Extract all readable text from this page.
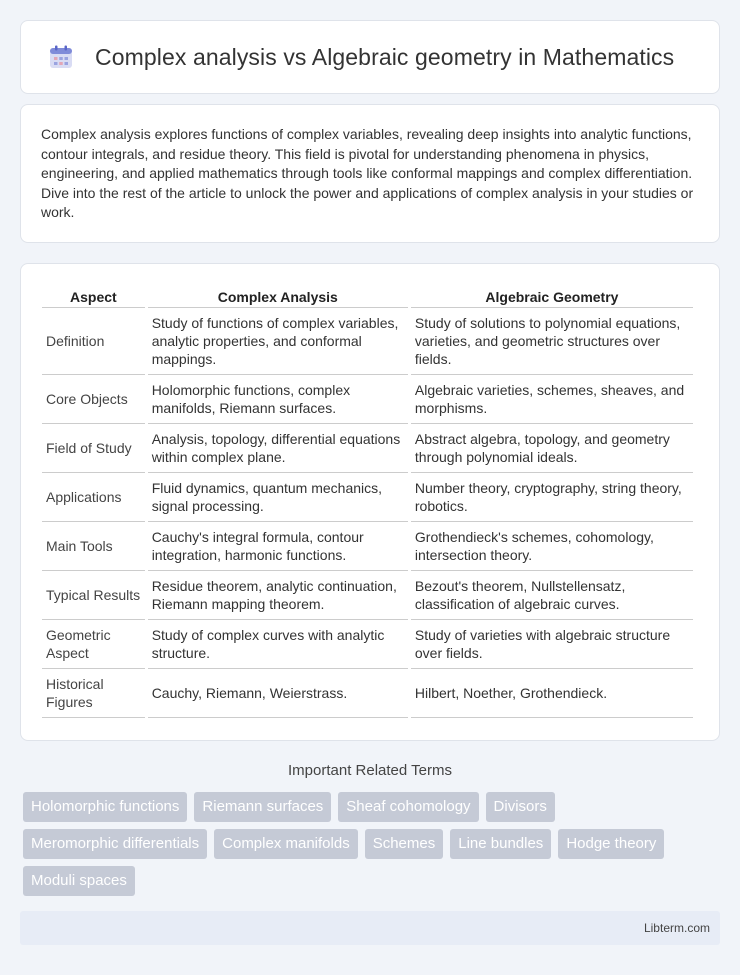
Complex analysis vs Algebraic geometry in Mathematics

Complex analysis explores functions of complex variables, revealing deep insights into analytic functions, contour integrals, and residue theory. This field is pivotal for understanding phenomena in physics, engineering, and applied mathematics through tools like conformal mappings and complex differentiation. Dive into the rest of the article to unlock the power and applications of complex analysis in your studies or work.

Aspect	Complex Analysis	Algebraic Geometry
Definition	Study of functions of complex variables, analytic properties, and conformal mappings.	Study of solutions to polynomial equations, varieties, and geometric structures over fields.
Core Objects	Holomorphic functions, complex manifolds, Riemann surfaces.	Algebraic varieties, schemes, sheaves, and morphisms.
Field of Study	Analysis, topology, differential equations within complex plane.	Abstract algebra, topology, and geometry through polynomial ideals.
Applications	Fluid dynamics, quantum mechanics, signal processing.	Number theory, cryptography, string theory, robotics.
Main Tools	Cauchy's integral formula, contour integration, harmonic functions.	Grothendieck's schemes, cohomology, intersection theory.
Typical Results	Residue theorem, analytic continuation, Riemann mapping theorem.	Bezout's theorem, Nullstellensatz, classification of algebraic curves.
Geometric Aspect	Study of complex curves with analytic structure.	Study of varieties with algebraic structure over fields.
Historical Figures	Cauchy, Riemann, Weierstrass.	Hilbert, Noether, Grothendieck.
Important Related Terms
Holomorphic functions	Riemann surfaces	Sheaf cohomology	Divisors
Meromorphic differentials	Complex manifolds	Schemes	Line bundles	Hodge theory
Moduli spaces
Libterm.com
